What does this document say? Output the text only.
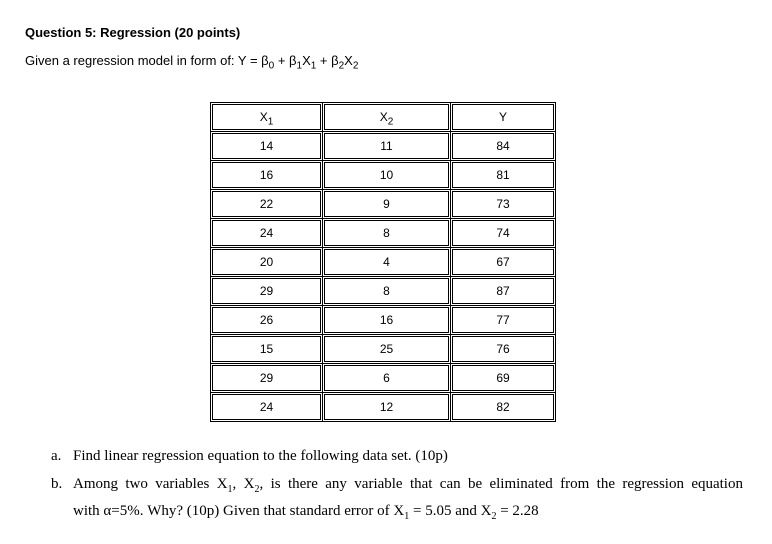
Question 5: Regression (20 points)
Given a regression model in form of: $Y = \beta_0 + \beta_1X_1 + \beta_2X_2$
$X_1$	$X_2$	Y

14	11	84

16	10	81

22	9	73

24	8	74

20	4	67

29	8	87

26	16	77

15	25	76

29	6	69

24	12	82
a. Find linear regression equation to the following data set. (10p)
b. Among two variables $X_1$, $X_2$, is there any variable that can be eliminated from the regression equation
with α=5%. Why? (10p) Given that standard error of $X_1 = 5.05$ and $X_2 = 2.28$
